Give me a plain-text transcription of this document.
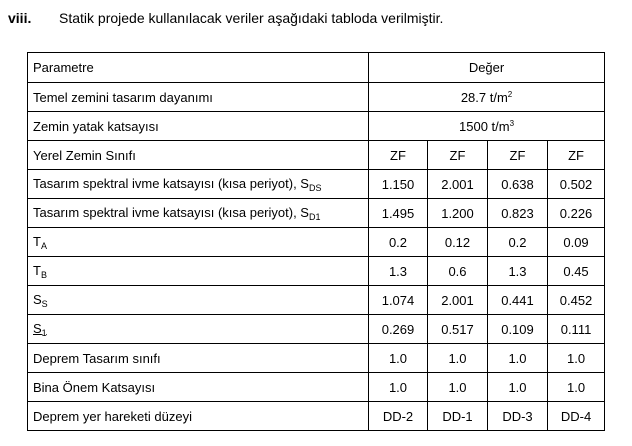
viii. Statik projede kullanılacak veriler aşağıdaki tabloda verilmiştir.
Parametre	Değer			
Temel zemini tasarım dayanımı	28.7 $t/m^2$
Zemin yatak katsayısı	1500 $t/m^3$
Yerel Zemin Sınıfı	ZF	ZF	ZF	ZF
Tasarım spektral ivme katsayısı (kısa periyot), $S_{DS}$	1.150	2.001	0.638	0.502
Tasarım spektral ivme katsayısı (kısa periyot), $S_{D1}$	1.495	1.200	0.823	0.226
$T_A$	0.2	0.12	0.2	0.09
$T_B$	1.3	0.6	1.3	0.45
$S_S$	1.074	2.001	0.441	0.452
$S_1$	0.269	0.517	0.109	0.111
Deprem Tasarım sınıfı	1.0	1.0	1.0	1.0
Bina Önem Katsayısı	1.0	1.0	1.0	1.0
Deprem yer hareketi düzeyi	DD-2	DD-1	DD-3	DD-4
